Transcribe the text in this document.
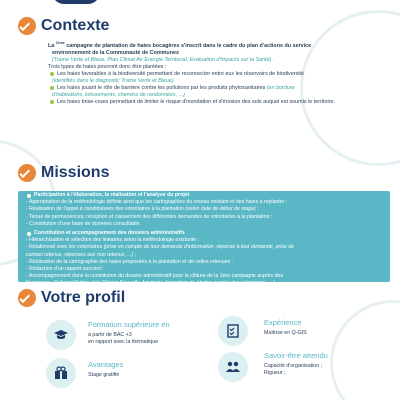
Contexte

La $^{2ème}$ campagne de plantation de haies bocagères s'inscrit dans le cadre du plan d'actions du service

environnement de la Communauté de Communes

(Trame Verte et Bleue, Plan Climat Air Energie Territorial, Evaluation d'Impacts sur la Santé) .

Trois types de haies pourront donc être plantées :

Les haies favorables à la biodiversité permettant de reconnecter entre eux les réservoirs de biodiversité

(identifiés dans le diagnostic Trame Verte et Bleue)

Les haies jouant le rôle de barrière contre les pollutions par les produits phytosanitaires (en bordure

d'habitations, lotissements, chemins de randonnées, ...)

Les haies brise-crues permettant de limiter le risque d'inondation et d'érosion des sols auquel est soumis le territoire.

Missions

Participation à l'élaboration, la réalisation et l'analyse du projet

- Appropriation de la méthodologie définie ainsi que les cartographies du réseau existant et des haies à replanter :

- Réalisation de l'appel à candidatures des volontaires à la plantation (selon date de début de stage) :

- Tenue de permanences, réception et classement des différentes demandes de volontaires à la plantation :

- Constitution d'une base de données consultable.

Constitution et accompagnement des dossiers administratifs

- Hiérarchisation et sélection des linéaires selon la méthodologie existante :

- Relationnel avec les volontaires (prise en compte de leur demande d'information, réponse à leur demande, prise de

contact retenus, réponses aux non retenus, ...) ;

- Réalisation de la cartographie des haies proposées à la plantation et de celles retenues :

- Rédaction d'un rapport succinct :

- Accompagnement dans la constitution du dossier administratif pour la clôture de la 1ère campagne auprès des

financeurs : Reforest'Action et la Région Nouvelle-Aquitaine (réception de photos auprès des volontaires, ...)

Votre profil
Formation supérieure en
à partir de BAC +3
en rapport avec la thématique
Expérience
Maîtrise en Q-GIS
Avantages
Stage gratifié
Savoir-être attendu
Capacité d'organisation ;
Rigueur ;
